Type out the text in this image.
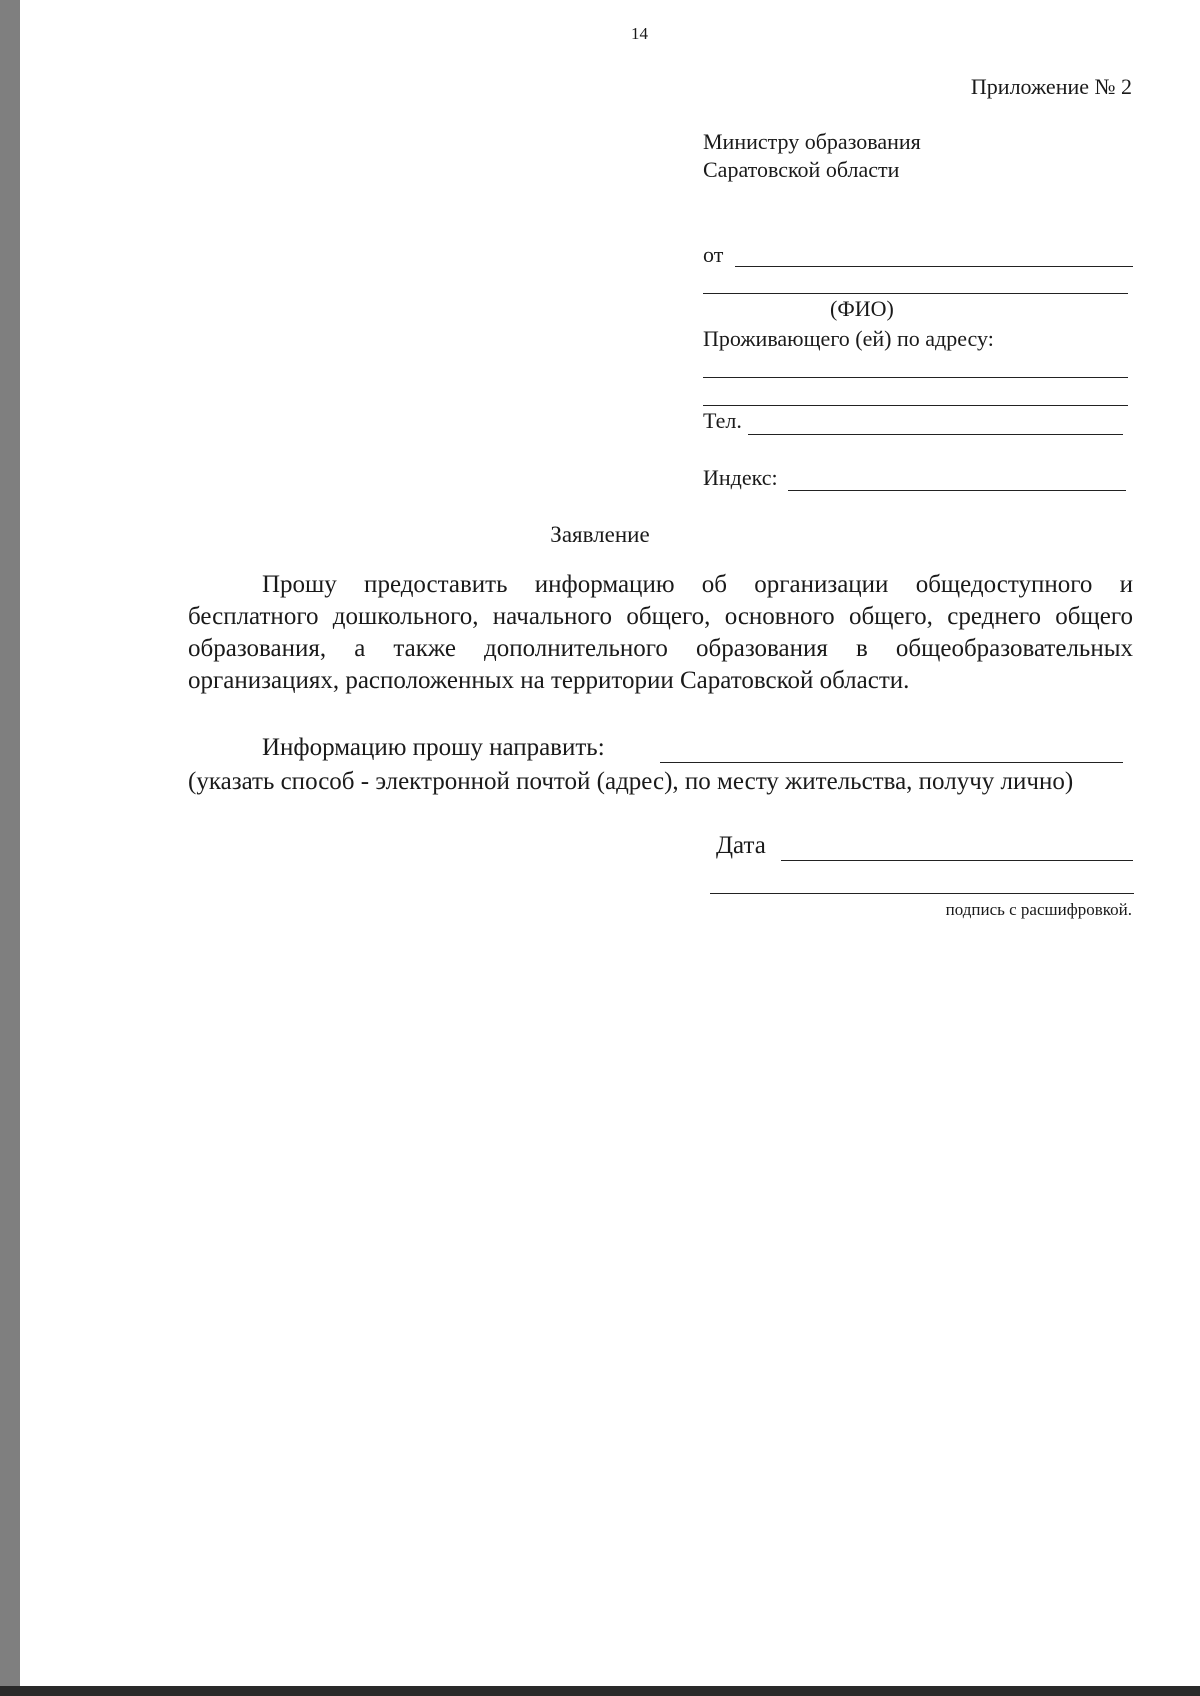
14
Приложение № 2
Министру образования
Саратовской области
от
(ФИО)
Проживающего (ей) по адресу:
Тел.
Индекс:
Заявление
Прошу предоставить информацию об организации общедоступного и бесплатного дошкольного, начального общего, основного общего, среднего общего образования, а также дополнительного образования в общеобразовательных организациях, расположенных на территории Саратовской области.
Информацию прошу направить:
(указать способ - электронной почтой (адрес), по месту жительства, получу лично)
Дата
подпись с расшифровкой.
